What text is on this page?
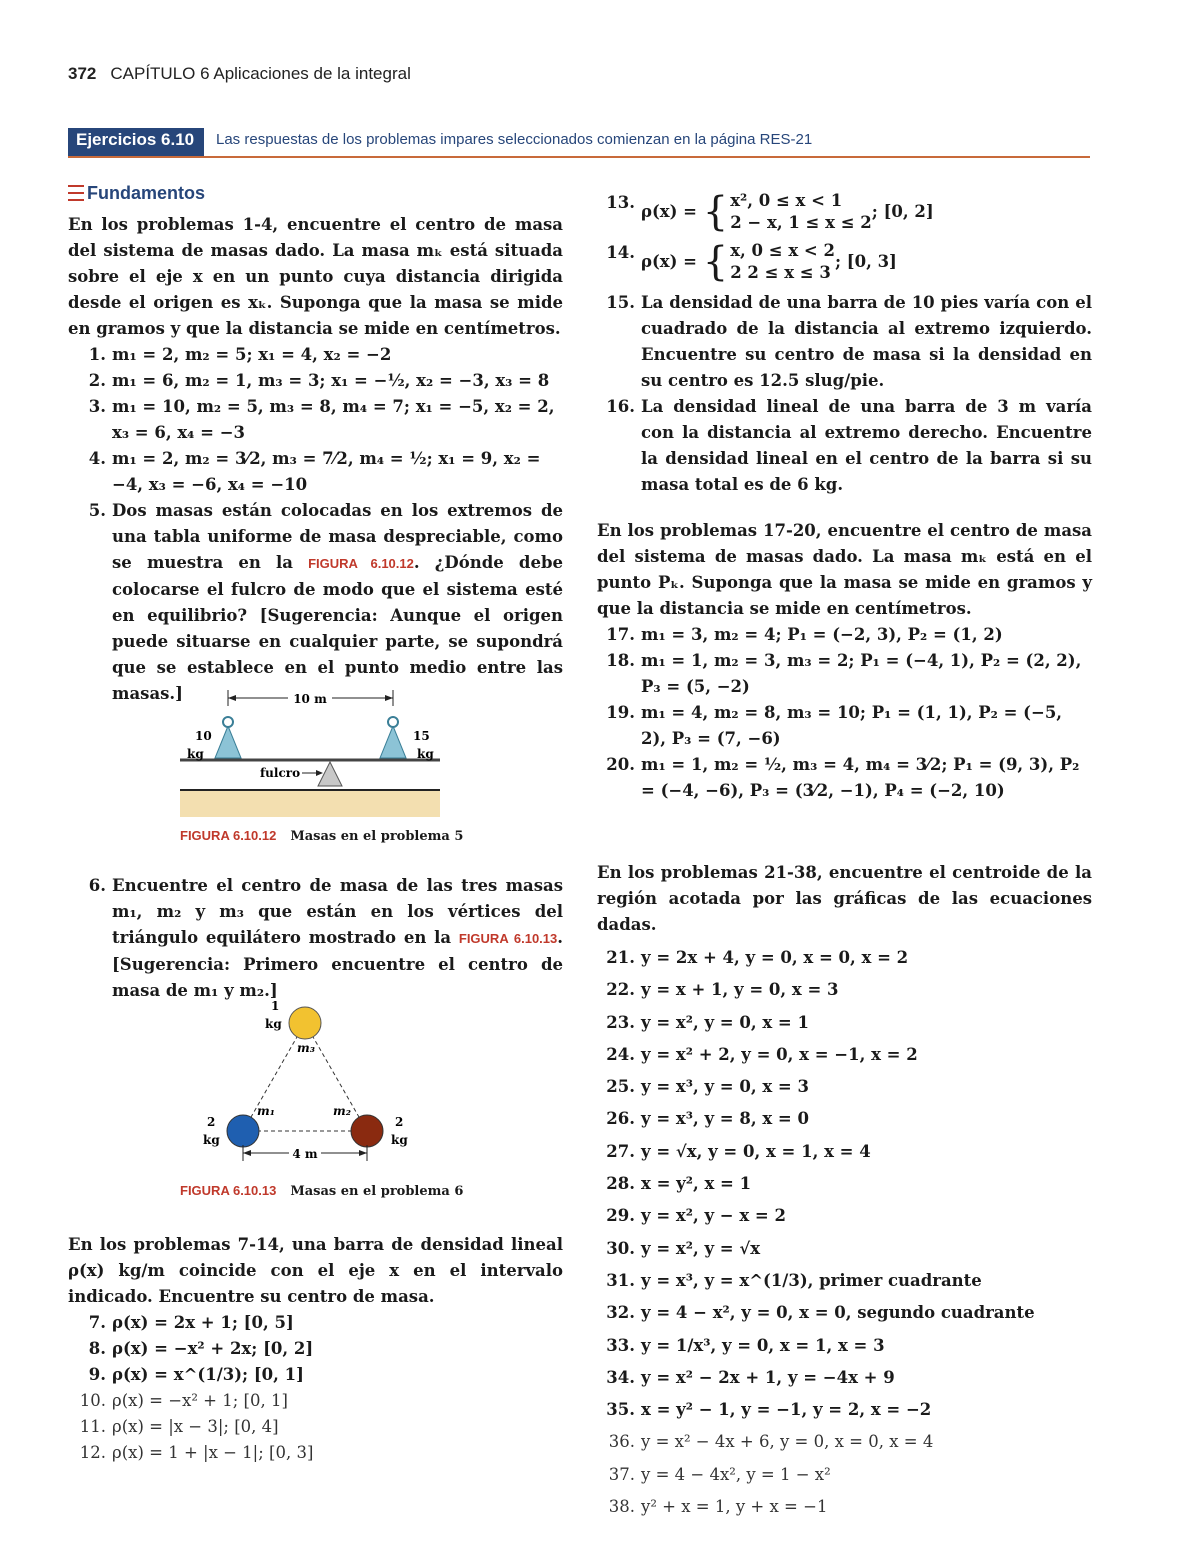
372 CAPÍTULO 6 Aplicaciones de la integral
Ejercicios 6.10	Las respuestas de los problemas impares seleccionados comienzan en la página RES-21
Fundamentos

En los problemas 1-4, encuentre el centro de masa del sistema de masas dado. La masa mₖ está situada sobre el eje x en un punto cuya distancia dirigida desde el origen es xₖ. Suponga que la masa se mide en gramos y que la distancia se mide en centímetros.

1. m₁ = 2, m₂ = 5; x₁ = 4, x₂ = −2
2. m₁ = 6, m₂ = 1, m₃ = 3; x₁ = −½, x₂ = −3, x₃ = 8
3. m₁ = 10, m₂ = 5, m₃ = 8, m₄ = 7; x₁ = −5, x₂ = 2, x₃ = 6, x₄ = −3
4. m₁ = 2, m₂ = 3⁄2, m₃ = 7⁄2, m₄ = ½; x₁ = 9, x₂ = −4, x₃ = −6, x₄ = −10
5. Dos masas están colocadas en los extremos de una tabla uniforme de masa despreciable, como se muestra en la FIGURA 6.10.12. ¿Dónde debe colocarse el fulcro de modo que el sistema esté en equilibrio? [Sugerencia: Aunque el origen puede situarse en cualquier parte, se supondrá que se establece en el punto medio entre las masas.]	10 m
10
kg
15
kg
fulcro
FIGURA 6.10.12 Masas en el problema 5
6. Encuentre el centro de masa de las tres masas m₁, m₂ y m₃ que están en los vértices del triángulo equilátero mostrado en la FIGURA 6.10.13. [Sugerencia: Primero encuentre el centro de masa de m₁ y m₂.]
1
kg
m₃
m₁	m₂
2
kg
2
kg
4 m
FIGURA 6.10.13 Masas en el problema 6

En los problemas 7-14, una barra de densidad lineal ρ(x) kg/m coincide con el eje x en el intervalo indicado. Encuentre su centro de masa.

7. ρ(x) = 2x + 1; [0, 5]
8. ρ(x) = −x² + 2x; [0, 2]
9. ρ(x) = x^(1/3); [0, 1]
10. ρ(x) = −x² + 1; [0, 1]
11. ρ(x) = |x − 3|; [0, 4]
12. ρ(x) = 1 + |x − 1|; [0, 3]
13. ρ(x) =
{ x², 0 ≤ x < 1
2 − x, 1 ≤ x ≤ 2
; [0, 2]
14. ρ(x) =
{ x, 0 ≤ x < 2
2 2 ≤ x ≤ 3
; [0, 3]
15. La densidad de una barra de 10 pies varía con el cuadrado de la distancia al extremo izquierdo. Encuentre su centro de masa si la densidad en su centro es 12.5 slug/pie.
16. La densidad lineal de una barra de 3 m varía con la distancia al extremo derecho. Encuentre la densidad lineal en el centro de la barra si su masa total es de 6 kg.

En los problemas 17-20, encuentre el centro de masa del sistema de masas dado. La masa mₖ está en el punto Pₖ. Suponga que la masa se mide en gramos y que la distancia se mide en centímetros.

17. m₁ = 3, m₂ = 4; P₁ = (−2, 3), P₂ = (1, 2)
18. m₁ = 1, m₂ = 3, m₃ = 2; P₁ = (−4, 1), P₂ = (2, 2), P₃ = (5, −2)
19. m₁ = 4, m₂ = 8, m₃ = 10; P₁ = (1, 1), P₂ = (−5, 2), P₃ = (7, −6)
20. m₁ = 1, m₂ = ½, m₃ = 4, m₄ = 3⁄2; P₁ = (9, 3), P₂ = (−4, −6), P₃ = (3⁄2, −1), P₄ = (−2, 10)

En los problemas 21-38, encuentre el centroide de la región acotada por las gráficas de las ecuaciones dadas.

21. y = 2x + 4, y = 0, x = 0, x = 2
22. y = x + 1, y = 0, x = 3
23. y = x², y = 0, x = 1
24. y = x² + 2, y = 0, x = −1, x = 2
25. y = x³, y = 0, x = 3
26. y = x³, y = 8, x = 0
27. y = √x, y = 0, x = 1, x = 4
28. x = y², x = 1
29. y = x², y − x = 2
30. y = x², y = √x
31. y = x³, y = x^(1/3), primer cuadrante
32. y = 4 − x², y = 0, x = 0, segundo cuadrante
33. y = 1/x³, y = 0, x = 1, x = 3
34. y = x² − 2x + 1, y = −4x + 9
35. x = y² − 1, y = −1, y = 2, x = −2
36. y = x² − 4x + 6, y = 0, x = 0, x = 4
37. y = 4 − 4x², y = 1 − x²
38. y² + x = 1, y + x = −1
